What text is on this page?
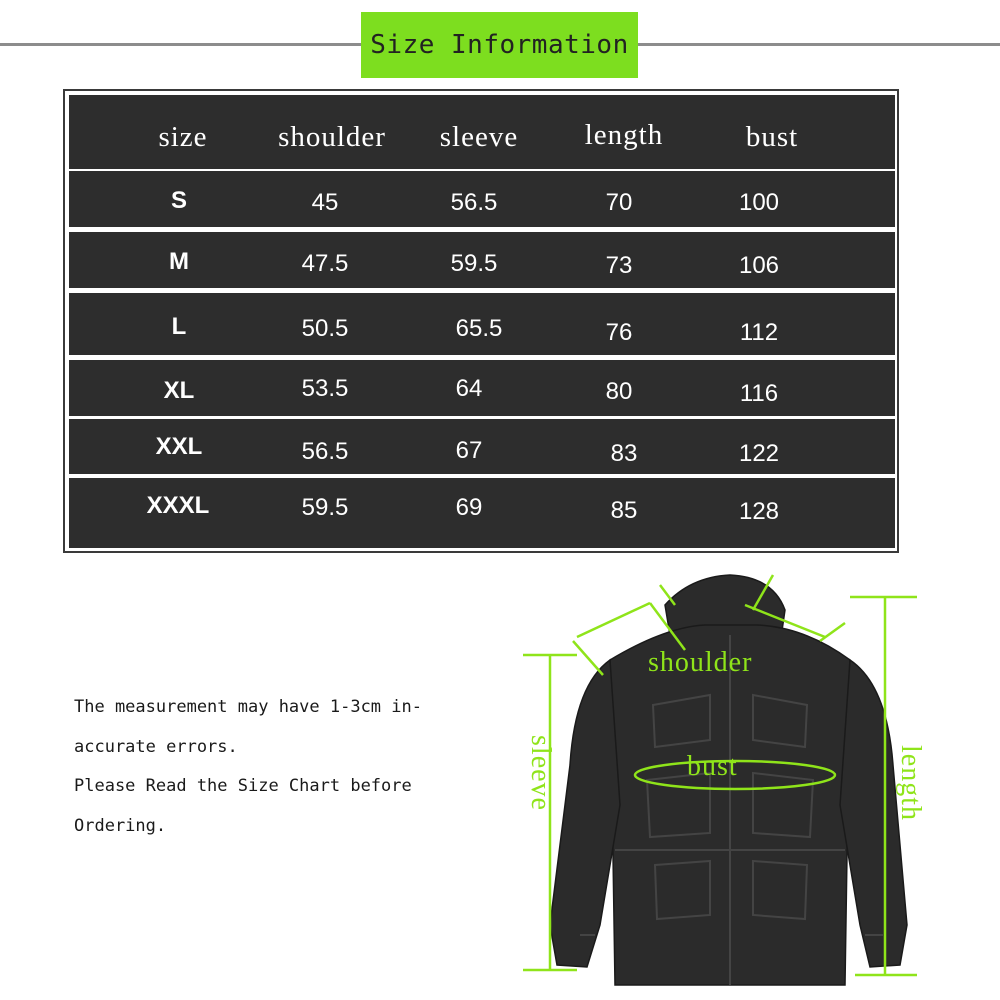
Size Information
size	shoulder	sleeve	length	bust
S	45	56.5	70	100
M	47.5	59.5	73	106
L	50.5	65.5	76	112
XL	53.5	64	80	116
XXL	56.5	67	83	122
XXXL	59.5	69	85	128
The measurement may have 1-3cm in-
accurate errors.
Please Read the Size Chart before
Ordering.
shoulder
bust
sleeve	length
